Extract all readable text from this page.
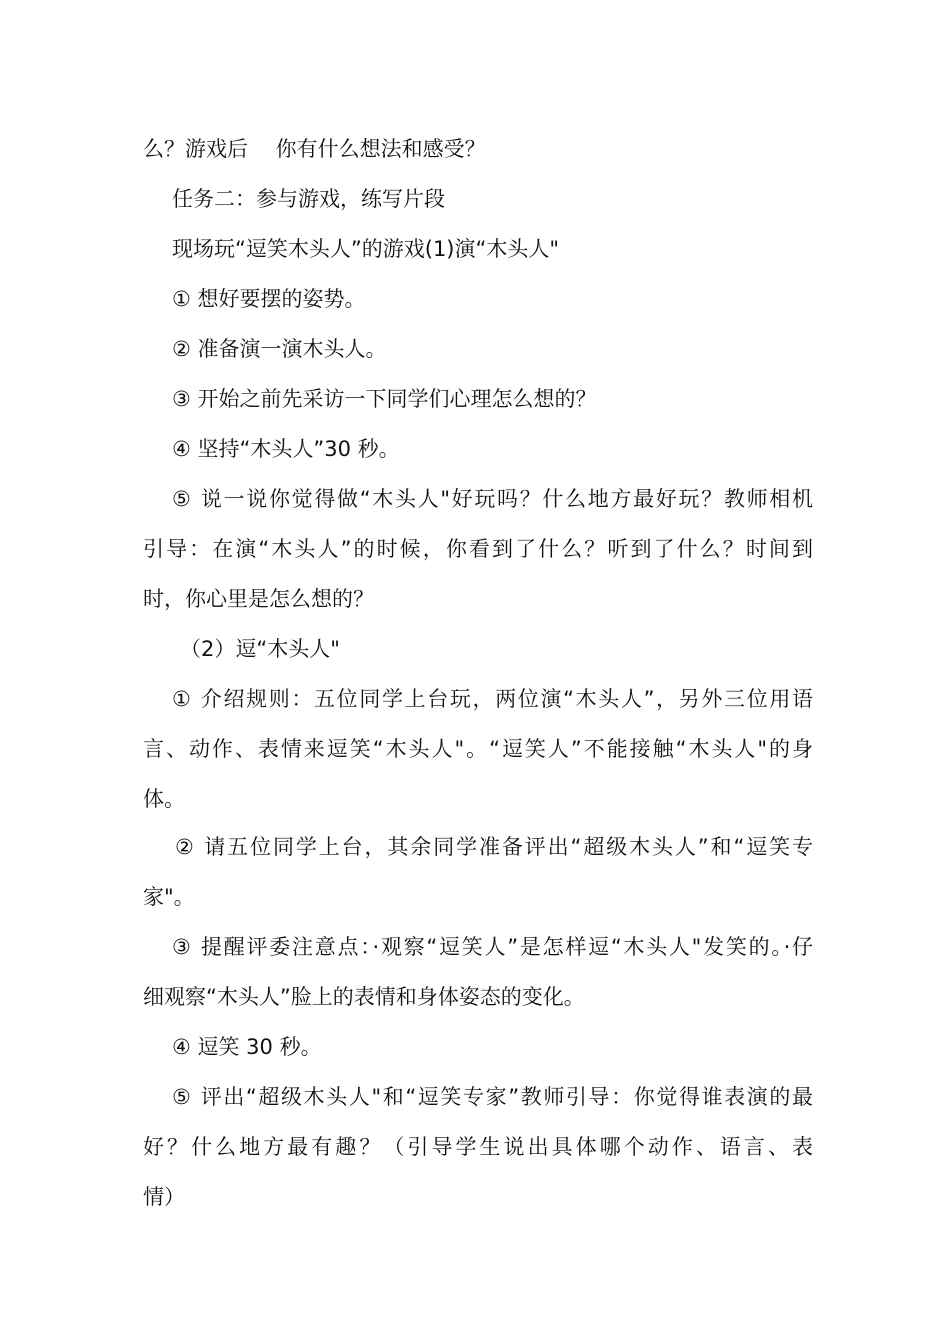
么？游戏后　 你有什么想法和感受？
任务二：参与游戏，练写片段
现场玩“逗笑木头人”的游戏(1)演“木头人"
① 想好要摆的姿势。
② 准备演一演木头人。
③ 开始之前先采访一下同学们心理怎么想的？
④ 坚持“木头人”30 秒。
⑤ 说一说你觉得做“木头人"好玩吗？什么地方最好玩？教师相机
引导：在演“木头人”的时候，你看到了什么？听到了什么？时间到
时，你心里是怎么想的？
（2）逗“木头人"
① 介绍规则：五位同学上台玩，两位演“木头人”，另外三位用语
言、动作、表情来逗笑“木头人"。“逗笑人”不能接触“木头人"的身
体。
② 请五位同学上台，其余同学准备评出“超级木头人”和“逗笑专
家"。
③ 提醒评委注意点：·观察“逗笑人”是怎样逗“木头人"发笑的。·仔
细观察“木头人”脸上的表情和身体姿态的变化。
④ 逗笑 30 秒。
⑤ 评出“超级木头人"和“逗笑专家”教师引导：你觉得谁表演的最
好？什么地方最有趣？（引导学生说出具体哪个动作、语言、表
情）
